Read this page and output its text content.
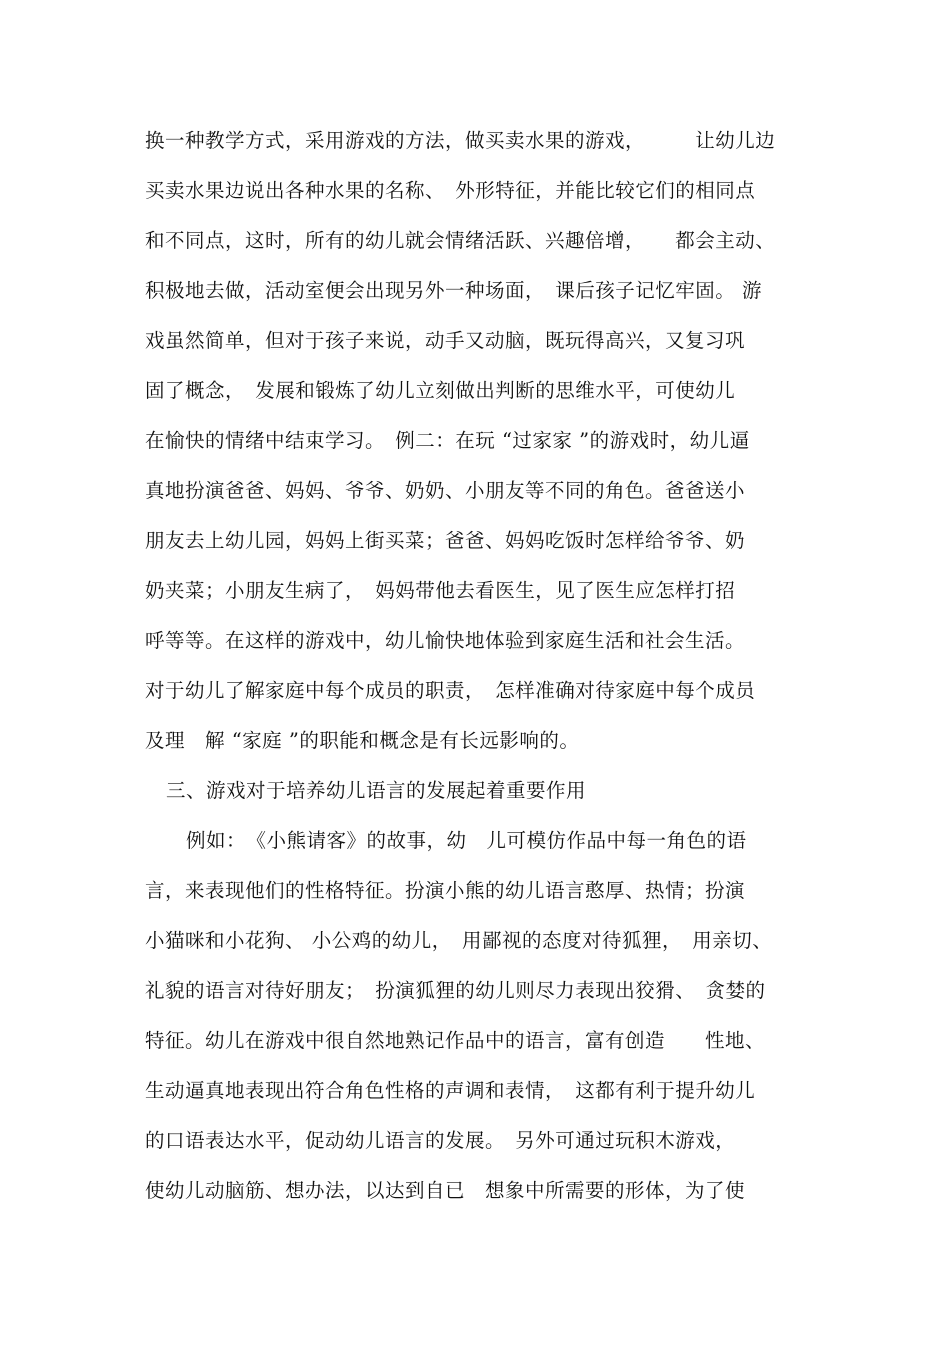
换一种教学方式，采用游戏的方法，做买卖水果的游戏，　　　让幼儿边
买卖水果边说出各种水果的名称、　外形特征，并能比较它们的相同点
和不同点，这时，所有的幼儿就会情绪活跃、兴趣倍增，　　都会主动、
积极地去做，活动室便会出现另外一种场面，　课后孩子记忆牢固。 游
戏虽然简单，但对于孩子来说，动手又动脑，既玩得高兴，又复习巩
固了概念，　发展和锻炼了幼儿立刻做出判断的思维水平，可使幼儿
在愉快的情绪中结束学习。　例二：在玩 “过家家 ”的游戏时，幼儿逼
真地扮演爸爸、妈妈、爷爷、奶奶、小朋友等不同的角色。爸爸送小
朋友去上幼儿园，妈妈上街买菜；爸爸、妈妈吃饭时怎样给爷爷、奶
奶夹菜；小朋友生病了，　妈妈带他去看医生，见了医生应怎样打招
呼等等。在这样的游戏中，幼儿愉快地体验到家庭生活和社会生活。
对于幼儿了解家庭中每个成员的职责，　怎样准确对待家庭中每个成员
及理　解 “家庭 ”的职能和概念是有长远影响的。
三、游戏对于培养幼儿语言的发展起着重要作用
例如：　《小熊请客》的故事，幼　儿可模仿作品中每一角色的语
言，来表现他们的性格特征。扮演小熊的幼儿语言憨厚、热情；扮演
小猫咪和小花狗、 小公鸡的幼儿，　用鄙视的态度对待狐狸，　用亲切、
礼貌的语言对待好朋友；　扮演狐狸的幼儿则尽力表现出狡猾、　贪婪的
特征。幼儿在游戏中很自然地熟记作品中的语言，富有创造　　性地、
生动逼真地表现出符合角色性格的声调和表情，　这都有利于提升幼儿
的口语表达水平，促动幼儿语言的发展。　另外可通过玩积木游戏，
使幼儿动脑筋、想办法，以达到自已　想象中所需要的形体，为了使
